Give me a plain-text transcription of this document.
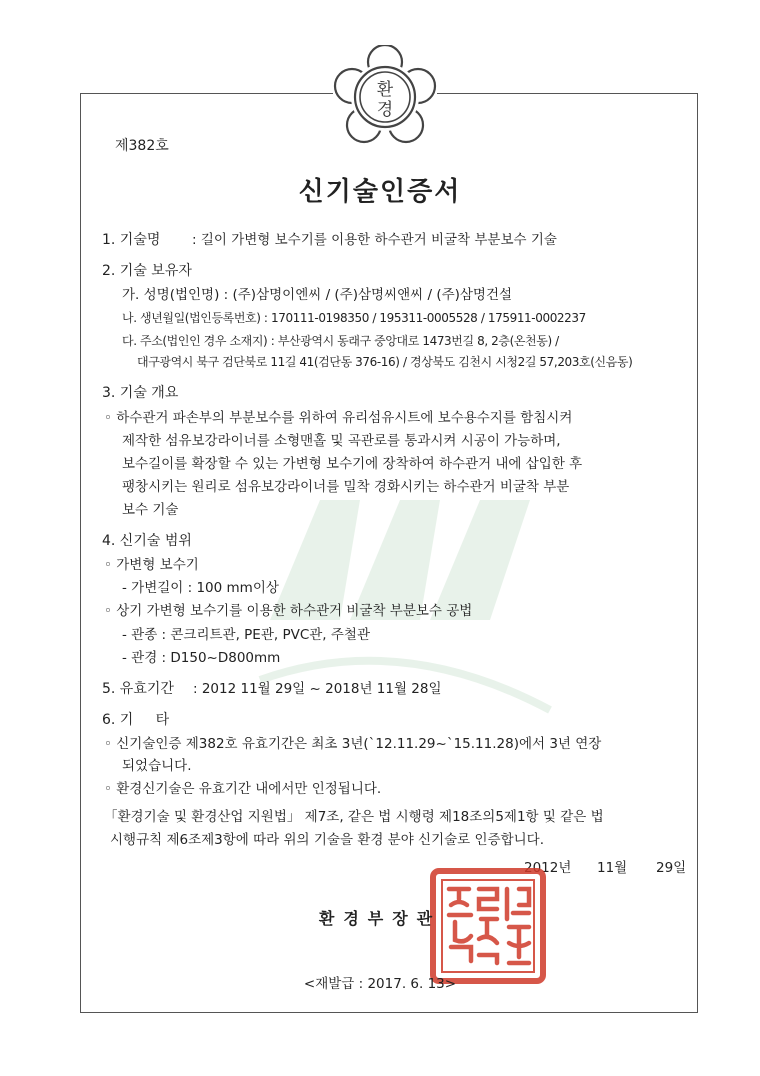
환
경
제382호
신기술인증서
1. 기술명 : 길이 가변형 보수기를 이용한 하수관거 비굴착 부분보수 기술
2. 기술 보유자
가. 성명(법인명) : (주)삼명이엔씨 / (주)삼명씨앤씨 / (주)삼명건설
나. 생년월일(법인등록번호) : 170111-0198350 / 195311-0005528 / 175911-0002237
다. 주소(법인인 경우 소재지) : 부산광역시 동래구 중앙대로 1473번길 8, 2층(온천동) /
대구광역시 북구 검단북로 11길 41(검단동 376-16) / 경상북도 김천시 시청2길 57,203호(신음동)
3. 기술 개요
◦ 하수관거 파손부의 부분보수를 위하여 유리섬유시트에 보수용수지를 함침시켜
제작한 섬유보강라이너를 소형맨홀 및 곡관로를 통과시켜 시공이 가능하며,
보수길이를 확장할 수 있는 가변형 보수기에 장착하여 하수관거 내에 삽입한 후
팽창시키는 원리로 섬유보강라이너를 밀착 경화시키는 하수관거 비굴착 부분
보수 기술
4. 신기술 범위
◦ 가변형 보수기
- 가변길이 : 100 mm이상
◦ 상기 가변형 보수기를 이용한 하수관거 비굴착 부분보수 공법
- 관종 : 콘크리트관, PE관, PVC관, 주철관
- 관경 : D150~D800mm
5. 유효기간 : 2012 11월 29일 ~ 2018년 11월 28일
6. 기     타
◦ 신기술인증 제382호 유효기간은 최초 3년(`12.11.29~`15.11.28)에서 3년 연장
되었습니다.
◦ 환경신기술은 유효기간 내에서만 인정됩니다.
「환경기술 및 환경산업 지원법」 제7조, 같은 법 시행령 제18조의5제1항 및 같은 법
시행규칙 제6조제3항에 따라 위의 기술을 환경 분야 신기술로 인증합니다.
2012년 11월 29일
환경부장관
<재발급 : 2017. 6. 13>
